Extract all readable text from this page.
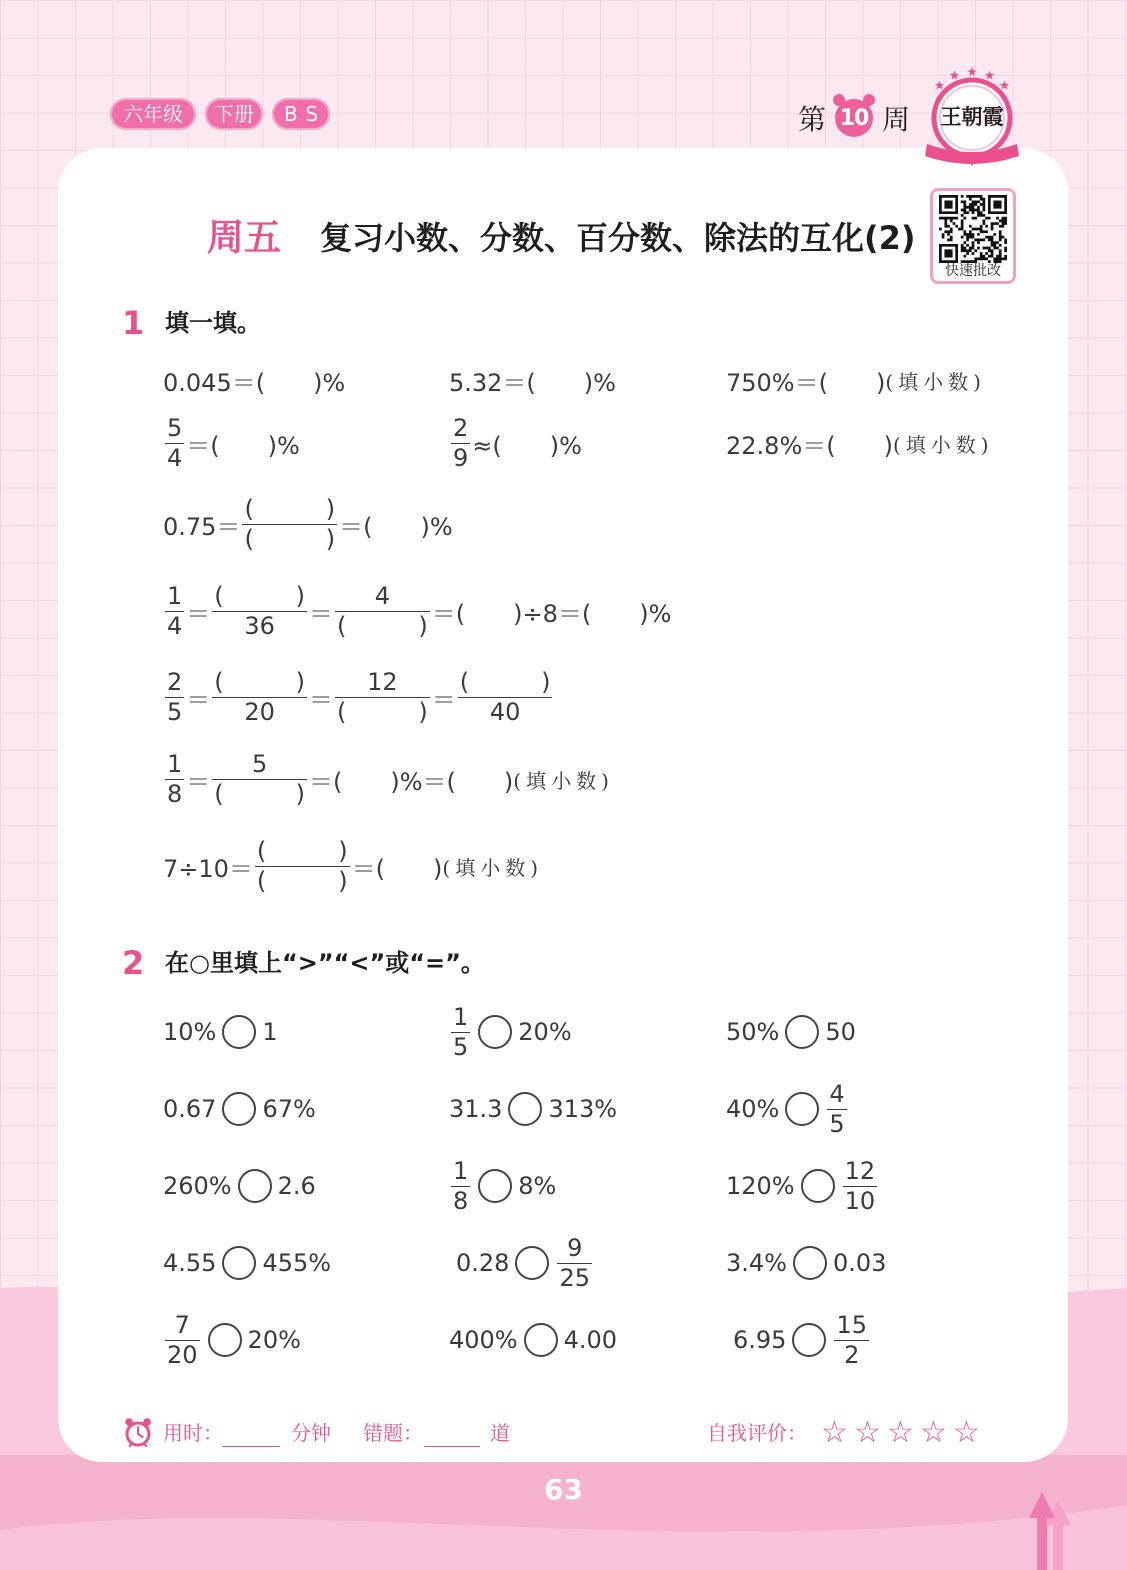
六年级	下册	BS	第 10 周	王朝霞
周五 复习小数、分数、百分数、除法的互化(2)
快速批改
1 填一填。
2 在○里填上“>”“<”或“=”。
0.045＝(　　)%	5.32＝(　　)%	750%＝(　　) (填小数)
$\frac{5}{4}$ ＝(　　)%	$\frac{2}{9}$ ≈(　　)%	22.8%＝(　　) (填小数)
$0.75= \frac{( )}{( )}$ ＝(　　)%
$\frac{1}{4} = \frac{( )}{36} = \frac{4}{( )}$ ＝(　　)÷8＝(　　)%
$\frac{2}{5} = \frac{( )}{20} = \frac{12}{( )} = \frac{( )}{40}$
$\frac{1}{8} = \frac{5}{( )}$ ＝(　　)%＝(　　) (填小数)
$7\div 10= \frac{( )}{( )}$ ＝(　　) (填小数)
10% 1	$\frac{1}{5} 20\%$	50% 50
0.67 67%	31.3 313%	$40\% \frac{4}{5}$
260% 2.6	$\frac{1}{8} 8\%$	$120\% \frac{12}{10}$
4.55 455%	$0.28 \frac{9}{25}$	3.4% 0.03
$\frac{7}{20} 20\%$	400% 4.00	$6.95 \frac{15}{2}$
用时：	分钟 错题：	道	自我评价： ☆ ☆ ☆ ☆ ☆
63
